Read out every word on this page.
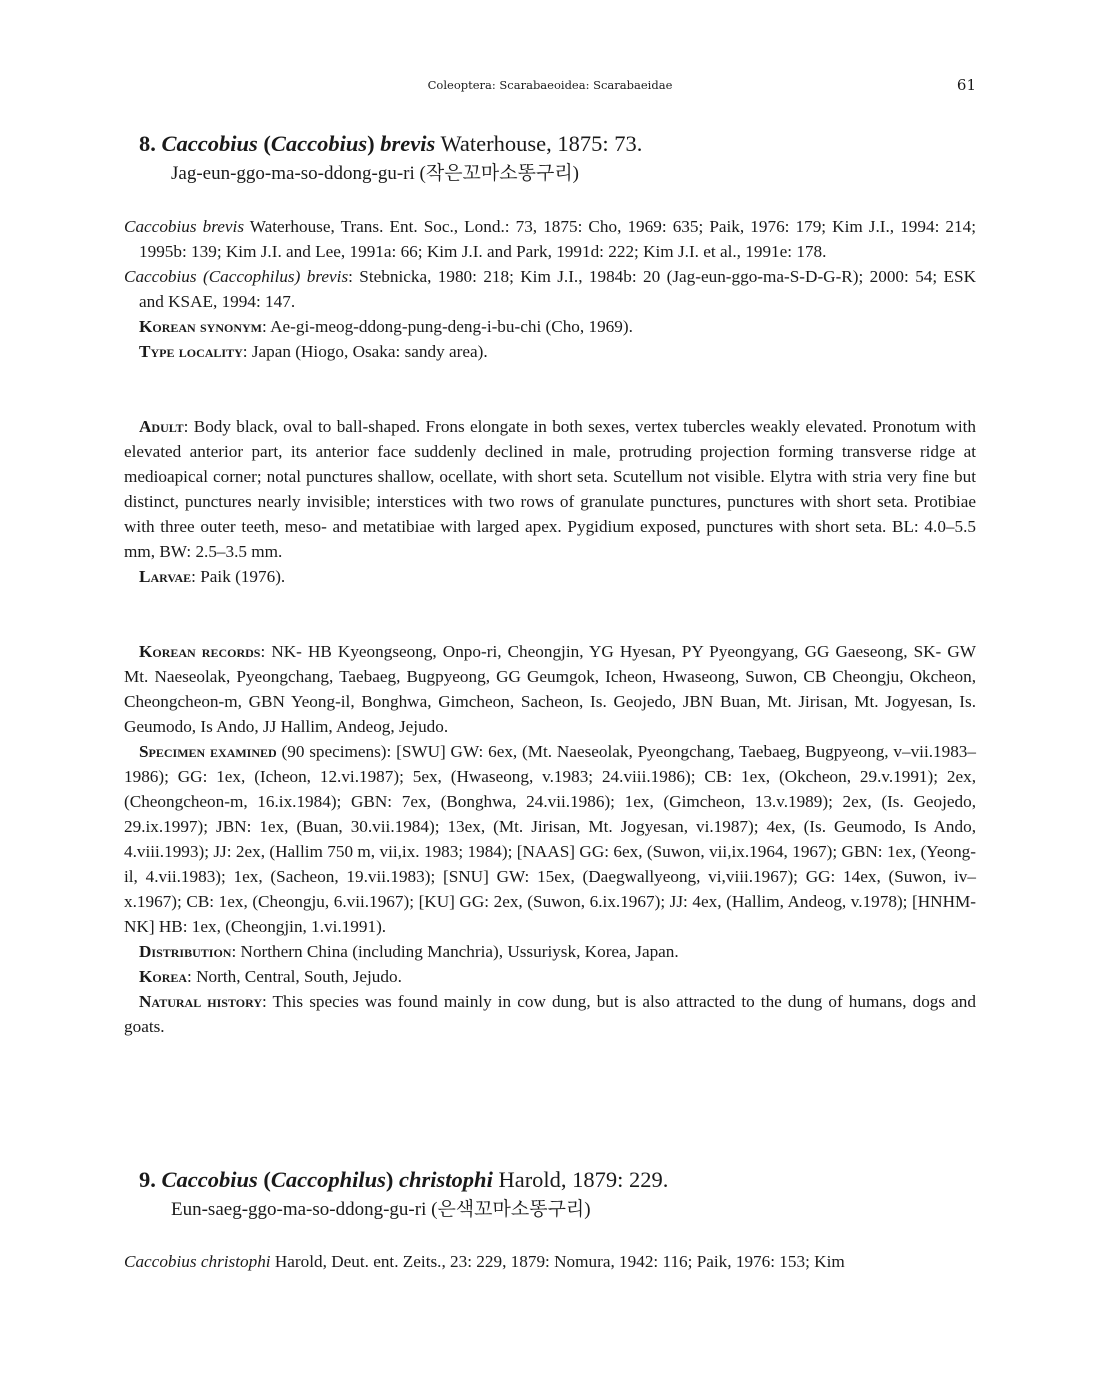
Coleoptera: Scarabaeoidea: Scarabaeidae	61
8. Caccobius (Caccobius) brevis Waterhouse, 1875: 73.
Jag-eun-ggo-ma-so-ddong-gu-ri (작은꼬마소똥구리)

Caccobius brevis Waterhouse, Trans. Ent. Soc., Lond.: 73, 1875: Cho, 1969: 635; Paik, 1976: 179; Kim J.I., 1994: 214; 1995b: 139; Kim J.I. and Lee, 1991a: 66; Kim J.I. and Park, 1991d: 222; Kim J.I. et al., 1991e: 178.

Caccobius (Caccophilus) brevis: Stebnicka, 1980: 218; Kim J.I., 1984b: 20 (Jag-eun-ggo-ma-S-D-G-R); 2000: 54; ESK and KSAE, 1994: 147.

Korean synonym: Ae-gi-meog-ddong-pung-deng-i-bu-chi (Cho, 1969).

Type locality: Japan (Hiogo, Osaka: sandy area).

Adult: Body black, oval to ball-shaped. Frons elongate in both sexes, vertex tubercles weakly elevated. Pronotum with elevated anterior part, its anterior face suddenly declined in male, protruding projection forming transverse ridge at medioapical corner; notal punctures shallow, ocellate, with short seta. Scutellum not visible. Elytra with stria very fine but distinct, punctures nearly invisible; interstices with two rows of granulate punctures, punctures with short seta. Protibiae with three outer teeth, meso- and metatibiae with larged apex. Pygidium exposed, punctures with short seta. BL: 4.0–5.5 mm, BW: 2.5–3.5 mm.

Larvae: Paik (1976).

Korean records: NK- HB Kyeongseong, Onpo-ri, Cheongjin, YG Hyesan, PY Pyeongyang, GG Gaeseong, SK- GW Mt. Naeseolak, Pyeongchang, Taebaeg, Bugpyeong, GG Geumgok, Icheon, Hwaseong, Suwon, CB Cheongju, Okcheon, Cheongcheon-m, GBN Yeong-il, Bonghwa, Gimcheon, Sacheon, Is. Geojedo, JBN Buan, Mt. Jirisan, Mt. Jogyesan, Is. Geumodo, Is Ando, JJ Hallim, Andeog, Jejudo.

Specimen examined (90 specimens): [SWU] GW: 6ex, (Mt. Naeseolak, Pyeongchang, Taebaeg, Bugpyeong, v–vii.1983–1986); GG: 1ex, (Icheon, 12.vi.1987); 5ex, (Hwaseong, v.1983; 24.viii.1986); CB: 1ex, (Okcheon, 29.v.1991); 2ex, (Cheongcheon-m, 16.ix.1984); GBN: 7ex, (Bonghwa, 24.vii.1986); 1ex, (Gimcheon, 13.v.1989); 2ex, (Is. Geojedo, 29.ix.1997); JBN: 1ex, (Buan, 30.vii.1984); 13ex, (Mt. Jirisan, Mt. Jogyesan, vi.1987); 4ex, (Is. Geumodo, Is Ando, 4.viii.1993); JJ: 2ex, (Hallim 750 m, vii,ix. 1983; 1984); [NAAS] GG: 6ex, (Suwon, vii,ix.1964, 1967); GBN: 1ex, (Yeong-il, 4.vii.1983); 1ex, (Sacheon, 19.vii.1983); [SNU] GW: 15ex, (Daegwallyeong, vi,viii.1967); GG: 14ex, (Suwon, iv–x.1967); CB: 1ex, (Cheongju, 6.vii.1967); [KU] GG: 2ex, (Suwon, 6.ix.1967); JJ: 4ex, (Hallim, Andeog, v.1978); [HNHM-NK] HB: 1ex, (Cheongjin, 1.vi.1991).

Distribution: Northern China (including Manchria), Ussuriysk, Korea, Japan.

Korea: North, Central, South, Jejudo.

Natural history: This species was found mainly in cow dung, but is also attracted to the dung of humans, dogs and goats.

9. Caccobius (Caccophilus) christophi Harold, 1879: 229.
Eun-saeg-ggo-ma-so-ddong-gu-ri (은색꼬마소똥구리)

Caccobius christophi Harold, Deut. ent. Zeits., 23: 229, 1879: Nomura, 1942: 116; Paik, 1976: 153; Kim
